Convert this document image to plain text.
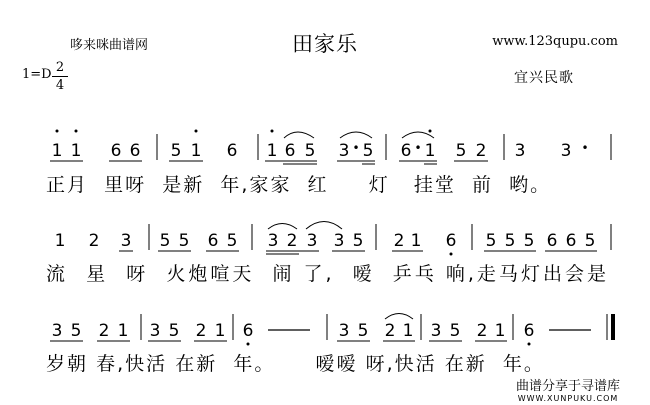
哆来咪曲谱网	田家乐	www.123qupu.com
1=D 2
4	宜兴民歌
1 1 6 6 5 1 6 1 6 5 3 • 5 6 • 1 5 2 3 3 •
1 2 3 5 5 6 5 3 2 3 3 5 2 1 6 5 5 5 6 6 5
3 5 2 1 3 5 2 1 6	3 5 2 1 3 5 2 1 6
正月 里呀 是新 年,家家 红 灯 挂堂 前 哟。
流 星 呀 火炮喧天 闹 了, 嗳 乒乓 响,走马灯出会是
岁朝 春,快活 在新 年。 嗳嗳 呀,快活 在新 年。
曲谱分享于寻谱库
WWW.XUNPUKU.COM
